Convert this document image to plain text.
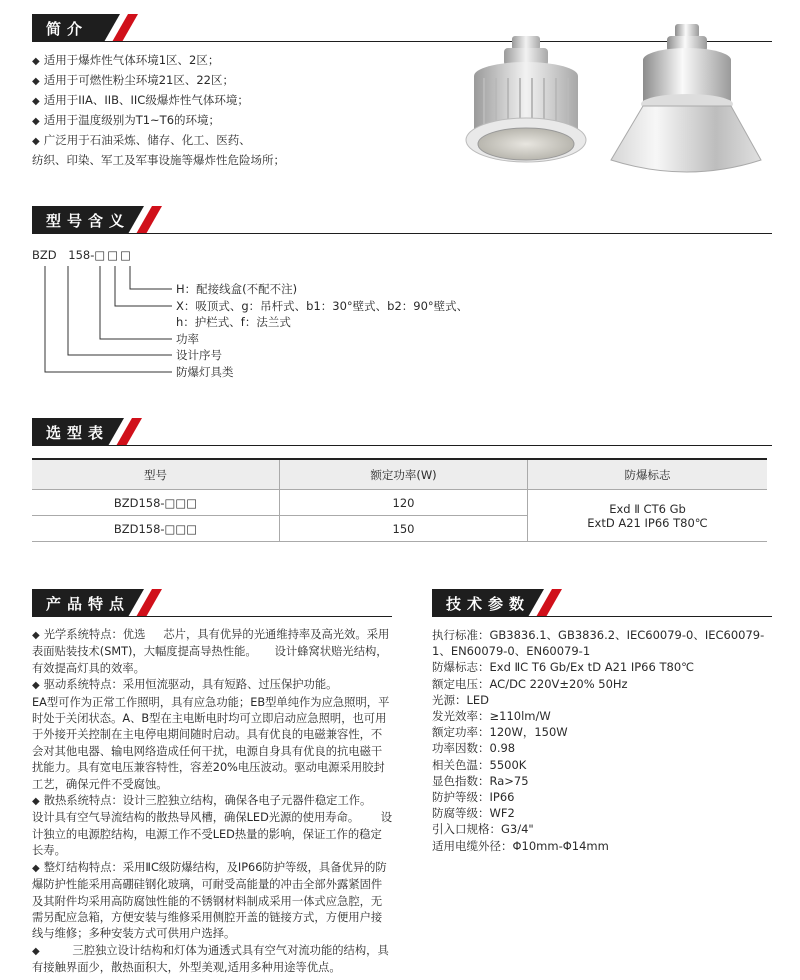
简介
◆ 适用于爆炸性气体环境1区、2区；
◆ 适用于可燃性粉尘环境21区、22区；
◆ 适用于IIA、IIB、IIC级爆炸性气体环境；
◆ 适用于温度级别为T1~T6的环境；
◆ 广泛用于石油采炼、储存、化工、医药、
纺织、印染、军工及军事设施等爆炸性危险场所；
型号含义
BZD 158-□□□
H：配接线盒(不配不注)
X：吸顶式、g：吊杆式、b1：30°壁式、b2：90°壁式、
h：护栏式、f：法兰式
功率
设计序号
防爆灯具类
选型表
型号	额定功率(W)	防爆标志
BZD158-□□□	120	Exd Ⅱ CT6 Gb
ExtD A21 IP66 T80℃

BZD158-□□□	150	
产品特点

◆ 光学系统特点：优选     芯片，具有优异的光通维持率及高光效。采用表面贴装技术(SMT)，大幅度提高导热性能。     设计蜂窝状赔光结构，有效提高灯具的效率。

◆ 驱动系统特点：采用恒流驱动，具有短路、过压保护功能。

EA型可作为正常工作照明，具有应急功能；EB型单纯作为应急照明，平时处于关闭状态。A、B型在主电断电时均可立即启动应急照明，也可用于外接开关控制在主电停电期间随时启动。具有优良的电磁兼容性，不会对其他电器、输电网络造成任何干扰，电源自身具有优良的抗电磁干扰能力。具有宽电压兼容特性，容差20%电压波动。驱动电源采用胶封工艺，确保元件不受腐蚀。

◆ 散热系统特点：设计三腔独立结构，确保各电子元器件稳定工作。      设计具有空气导流结构的散热导风槽，确保LED光源的使用寿命。      设计独立的电源腔结构，电源工作不受LED热量的影响，保证工作的稳定长寿。

◆ 整灯结构特点：采用ⅡC级防爆结构，及IP66防护等级，具备优异的防爆防护性能采用高硼硅钢化玻璃，可耐受高能量的冲击全部外露紧固件及其附件均采用高防腐蚀性能的不锈钢材料制成采用一体式应急腔，无需另配应急箱，方便安装与维修采用侧腔开盖的链接方式，方便用户接线与维修；多种安装方式可供用户选择。

◆        三腔独立设计结构和灯体为通透式具有空气对流功能的结构，具有接触界面少，散热面积大，外型美观,适用多种用途等优点。

技术参数
执行标准：GB3836.1、GB3836.2、IEC60079-0、IEC60079-
1、EN60079-0、EN60079-1
防爆标志：Exd ⅡC T6 Gb/Ex tD A21 IP66 T80℃
额定电压：AC/DC 220V±20% 50Hz
光源：LED
发光效率：≥110lm/W
额定功率：120W，150W
功率因数：0.98
相关色温：5500K
显色指数：Ra>75
防护等级：IP66
防腐等级：WF2
引入口规格：G3/4"
适用电缆外径：Φ10mm-Φ14mm
